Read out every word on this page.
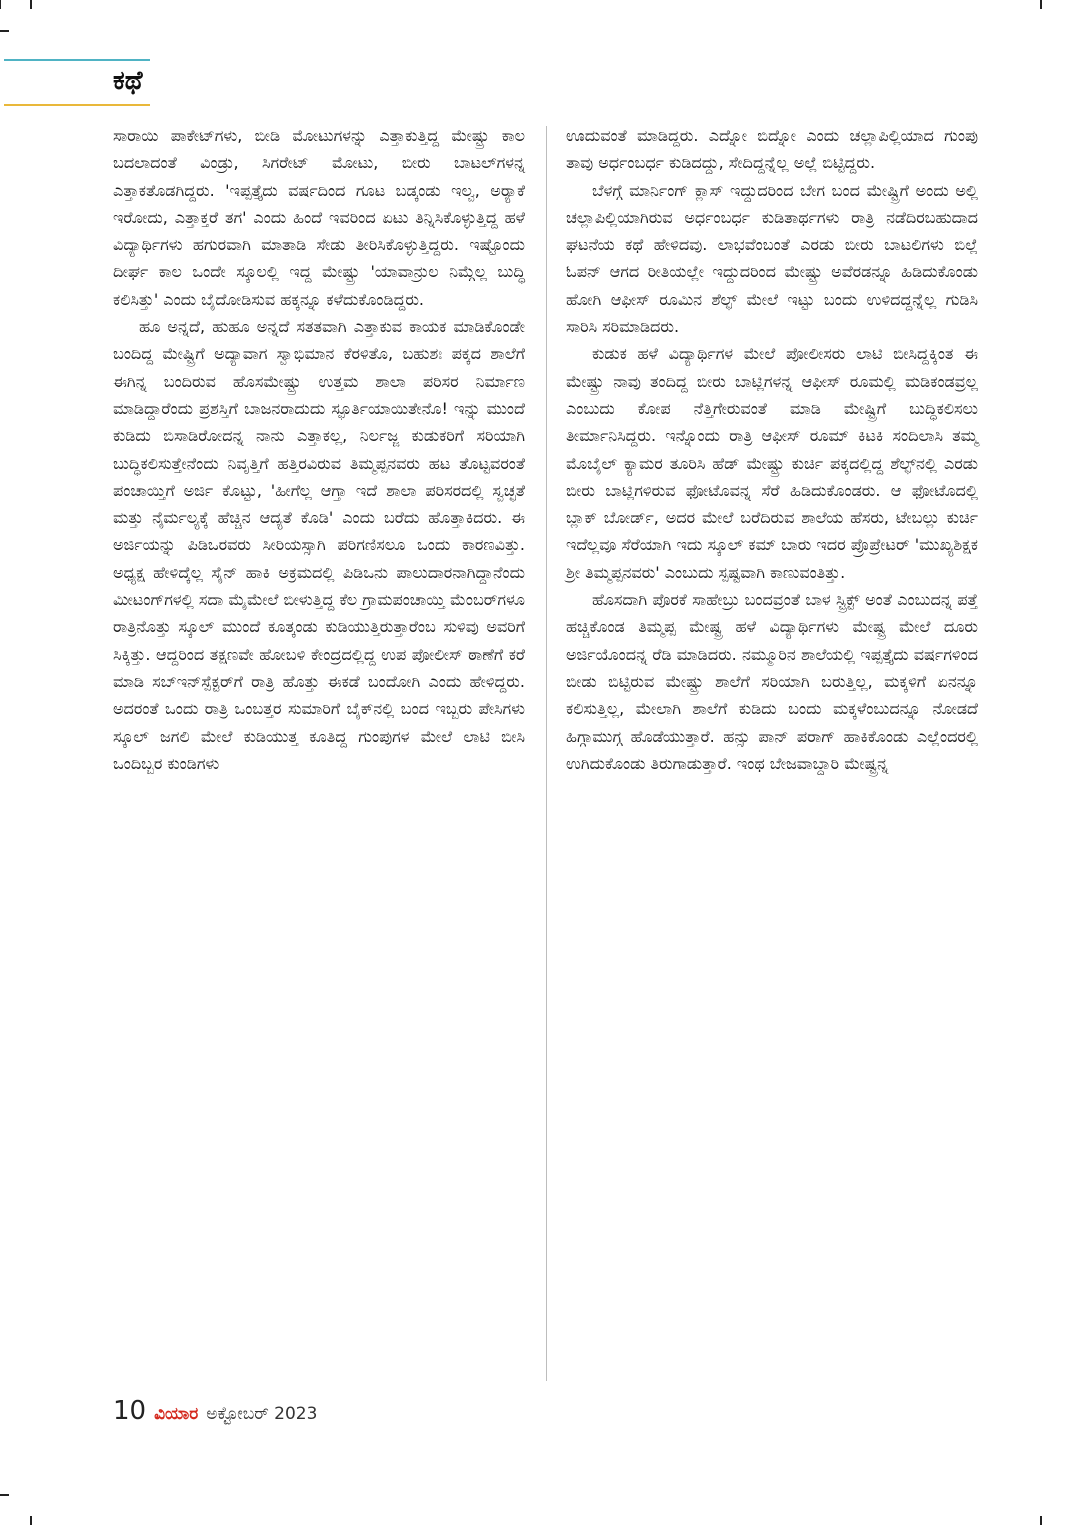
ಕಥೆ

ಸಾರಾಯಿ ಪಾಕೇಟ್‌ಗಳು, ಬೀಡಿ ಮೋಟುಗಳನ್ನು ಎತ್ತಾಕುತ್ತಿದ್ದ ಮೇಷ್ಟ್ರು ಕಾಲ ಬದಲಾದಂತೆ ವಿಂಡ್ರು, ಸಿಗರೇಟ್ ಮೋಟು, ಬೀರು ಬಾಟಲ್‌ಗಳನ್ನ ಎತ್ತಾಕತೊಡಗಿದ್ದರು. 'ಇಪ್ಪತ್ತೈದು ವರ್ಷದಿಂದ ಗೂಟ ಬಡ್ಕಂಡು ಇಲ್ವ, ಅರ‍್ಯಾಕೆ ಇರೋದು, ಎತ್ತಾಕ್ತರೆ ತಗ' ಎಂದು ಹಿಂದೆ ಇವರಿಂದ ಏಟು ತಿನ್ನಿಸಿಕೊಳ್ಳುತ್ತಿದ್ದ ಹಳೆ ವಿದ್ಯಾರ್ಥಿಗಳು ಹಗುರವಾಗಿ ಮಾತಾಡಿ ಸೇಡು ತೀರಿಸಿಕೊಳ್ಳುತ್ತಿದ್ದರು. ಇಷ್ಟೊಂದು ದೀರ್ಘ ಕಾಲ ಒಂದೇ ಸ್ಕೂಲಲ್ಲಿ ಇದ್ದ ಮೇಷ್ಟ್ರು 'ಯಾವಾನ್ರುಲ ನಿಮ್ಗೆಲ್ಲ ಬುದ್ಧಿ ಕಲಿಸಿತ್ತು' ಎಂದು ಬೈದೋಡಿಸುವ ಹಕ್ಕನ್ನೂ ಕಳೆದುಕೊಂಡಿದ್ದರು.

ಹೂ ಅನ್ನದೆ, ಹುಹೂ ಅನ್ನದೆ ಸತತವಾಗಿ ಎತ್ತಾಕುವ ಕಾಯಕ ಮಾಡಿಕೊಂಡೇ ಬಂದಿದ್ದ ಮೇಷ್ಟ್ರಿಗೆ ಅದ್ಯಾವಾಗ ಸ್ವಾಭಿಮಾನ ಕೆರಳಿತೊ, ಬಹುಶಃ ಪಕ್ಕದ ಶಾಲೆಗೆ ಈಗಿನ್ನ ಬಂದಿರುವ ಹೊಸಮೇಷ್ಟ್ರು ಉತ್ತಮ ಶಾಲಾ ಪರಿಸರ ನಿರ್ಮಾಣ ಮಾಡಿದ್ದಾರೆಂದು ಪ್ರಶಸ್ತಿಗೆ ಬಾಜನರಾದುದು ಸ್ಫೂರ್ತಿಯಾಯಿತೇನೊ! ಇನ್ನು ಮುಂದೆ ಕುಡಿದು ಬಿಸಾಡಿರೋದನ್ನ ನಾನು ಎತ್ತಾಕಲ್ಲ, ನಿರ್ಲಜ್ಜ ಕುಡುಕರಿಗೆ ಸರಿಯಾಗಿ ಬುದ್ಧಿಕಲಿಸುತ್ತೇನೆಂದು ನಿವೃತ್ತಿಗೆ ಹತ್ತಿರವಿರುವ ತಿಮ್ಮಪ್ಪನವರು ಹಟ ತೊಟ್ಟವರಂತೆ ಪಂಚಾಯ್ತಿಗೆ ಅರ್ಜಿ ಕೊಟ್ಟು, 'ಹೀಗೆಲ್ಲ ಆಗ್ತಾ ಇದೆ ಶಾಲಾ ಪರಿಸರದಲ್ಲಿ ಸ್ವಚ್ಛತೆ ಮತ್ತು ನೈರ್ಮಲ್ಯಕ್ಕೆ ಹೆಚ್ಚಿನ ಆದ್ಯತೆ ಕೊಡಿ' ಎಂದು ಬರೆದು ಹೊತ್ತಾಕಿದರು. ಈ ಅರ್ಜಿಯನ್ನು ಪಿಡಿಒರವರು ಸೀರಿಯಸ್ಸಾಗಿ ಪರಿಗಣಿಸಲೂ ಒಂದು ಕಾರಣವಿತ್ತು. ಅಧ್ಯಕ್ಷ ಹೇಳಿದ್ಕೆಲ್ಲ ಸೈನ್ ಹಾಕಿ ಅಕ್ರಮದಲ್ಲಿ ಪಿಡಿಒನು ಪಾಲುದಾರನಾಗಿದ್ದಾನೆಂದು ಮೀಟಂಗ್‌ಗಳಲ್ಲಿ ಸದಾ ಮೈಮೇಲೆ ಬೀಳುತ್ತಿದ್ದ ಕೆಲ ಗ್ರಾಮಪಂಚಾಯ್ತಿ ಮೆಂಬರ್‌ಗಳೂ ರಾತ್ರಿನೊತ್ತು ಸ್ಕೂಲ್ ಮುಂದೆ ಕೂತ್ಕಂಡು ಕುಡಿಯುತ್ತಿರುತ್ತಾರೆಂಬ ಸುಳಿವು ಅವರಿಗೆ ಸಿಕ್ಕಿತ್ತು. ಆದ್ದರಿಂದ ತಕ್ಷಣವೇ ಹೋಬಳಿ ಕೇಂದ್ರದಲ್ಲಿದ್ದ ಉಪ ಪೋಲೀಸ್ ಠಾಣೆಗೆ ಕರೆ ಮಾಡಿ ಸಬ್‌ಇನ್‌ಸ್ಪೆಕ್ಟರ್‌ಗೆ ರಾತ್ರಿ ಹೊತ್ತು ಈಕಡೆ ಬಂದೋಗಿ ಎಂದು ಹೇಳಿದ್ದರು. ಅದರಂತೆ ಒಂದು ರಾತ್ರಿ ಒಂಬತ್ತರ ಸುಮಾರಿಗೆ ಬೈಕ್‌ನಲ್ಲಿ ಬಂದ ಇಬ್ಬರು ಪೇಸಿಗಳು ಸ್ಕೂಲ್ ಜಗಲಿ ಮೇಲೆ ಕುಡಿಯುತ್ತ ಕೂತಿದ್ದ ಗುಂಪುಗಳ ಮೇಲೆ ಲಾಟಿ ಬೀಸಿ ಒಂದಿಬ್ಬರ ಕುಂಡಿಗಳು

ಊದುವಂತೆ ಮಾಡಿದ್ದರು. ಎದ್ನೋ ಬಿದ್ನೋ ಎಂದು ಚಲ್ಲಾಪಿಲ್ಲಿಯಾದ ಗುಂಪು ತಾವು ಅರ್ಧಂಬರ್ಧ ಕುಡಿದದ್ದು, ಸೇದಿದ್ದನ್ನೆಲ್ಲ ಅಲ್ಲೆ ಬಿಟ್ಟಿದ್ದರು.

ಬೆಳಗ್ಗೆ ಮಾರ್ನಿಂಗ್ ಕ್ಲಾಸ್ ಇದ್ದುದರಿಂದ ಬೇಗ ಬಂದ ಮೇಷ್ಟ್ರಿಗೆ ಅಂದು ಅಲ್ಲಿ ಚಲ್ಲಾಪಿಲ್ಲಿಯಾಗಿರುವ ಅರ್ಧಂಬರ್ಧ ಕುಡಿತಾರ್ಥಗಳು ರಾತ್ರಿ ನಡೆದಿರಬಹುದಾದ ಘಟನೆಯ ಕಥೆ ಹೇಳಿದವು. ಲಾಭವೆಂಬಂತೆ ಎರಡು ಬೀರು ಬಾಟಲಿಗಳು ಬಿಲ್ಲೆ ಓಪನ್ ಆಗದ ರೀತಿಯಲ್ಲೇ ಇದ್ದುದರಿಂದ ಮೇಷ್ಟ್ರು ಅವೆರಡನ್ನೂ ಹಿಡಿದುಕೊಂಡು ಹೋಗಿ ಆಫೀಸ್ ರೂಮಿನ ಶೆಲ್ಫ್ ಮೇಲೆ ಇಟ್ಟು ಬಂದು ಉಳಿದದ್ದನ್ನೆಲ್ಲ ಗುಡಿಸಿ ಸಾರಿಸಿ ಸರಿಮಾಡಿದರು.

ಕುಡುಕ ಹಳೆ ವಿದ್ಯಾರ್ಥಿಗಳ ಮೇಲೆ ಪೋಲೀಸರು ಲಾಟಿ ಬೀಸಿದ್ದಕ್ಕಿಂತ ಈ ಮೇಷ್ಟ್ರು ನಾವು ತಂದಿದ್ದ ಬೀರು ಬಾಟ್ಲಿಗಳನ್ನ ಆಫೀಸ್ ರೂಮಲ್ಲಿ ಮಡಿಕಂಡವ್ರಲ್ಲ ಎಂಬುದು ಕೋಪ ನೆತ್ತಿಗೇರುವಂತೆ ಮಾಡಿ ಮೇಷ್ಟ್ರಿಗೆ ಬುದ್ಧಿಕಲಿಸಲು ತೀರ್ಮಾನಿಸಿದ್ದರು. ಇನ್ನೊಂದು ರಾತ್ರಿ ಆಫೀಸ್ ರೂಮ್ ಕಿಟಕಿ ಸಂದಿಲಾಸಿ ತಮ್ಮ ಮೊಬೈಲ್ ಕ್ಯಾಮರ ತೂರಿಸಿ ಹೆಡ್ ಮೇಷ್ಟ್ರು ಕುರ್ಚಿ ಪಕ್ಕದಲ್ಲಿದ್ದ ಶೆಲ್ಫ್‌ನಲ್ಲಿ ಎರಡು ಬೀರು ಬಾಟ್ಲಿಗಳಿರುವ ಫೋಟೊವನ್ನ ಸೆರೆ ಹಿಡಿದುಕೊಂಡರು. ಆ ಫೋಟೊದಲ್ಲಿ ಬ್ಲಾಕ್ ಬೋರ್ಡ್, ಅದರ ಮೇಲೆ ಬರೆದಿರುವ ಶಾಲೆಯ ಹೆಸರು, ಟೇಬಲ್ಲು ಕುರ್ಚಿ ಇದೆಲ್ಲವೂ ಸೆರೆಯಾಗಿ ಇದು ಸ್ಕೂಲ್ ಕಮ್ ಬಾರು ಇದರ ಪ್ರೊಪ್ರೇಟರ್ 'ಮುಖ್ಯಶಿಕ್ಷಕ ಶ್ರೀ ತಿಮ್ಮಪ್ಪನವರು' ಎಂಬುದು ಸ್ಪಷ್ಟವಾಗಿ ಕಾಣುವಂತಿತ್ತು.

ಹೊಸದಾಗಿ ಪೊರಕೆ ಸಾಹೇಬ್ರು ಬಂದವ್ರಂತೆ ಬಾಳ ಸ್ಟ್ರಿಕ್ಟ್ ಅಂತೆ ಎಂಬುದನ್ನ ಪತ್ತೆ ಹಚ್ಚಿಕೊಂಡ ತಿಮ್ಮಪ್ಪ ಮೇಷ್ಟ್ರ ಹಳೆ ವಿದ್ಯಾರ್ಥಿಗಳು ಮೇಷ್ಟ್ರ ಮೇಲೆ ದೂರು ಅರ್ಜಿಯೊಂದನ್ನ ರೆಡಿ ಮಾಡಿದರು. ನಮ್ಮೂರಿನ ಶಾಲೆಯಲ್ಲಿ ಇಪ್ಪತ್ತೈದು ವರ್ಷಗಳಿಂದ ಬೀಡು ಬಿಟ್ಟಿರುವ ಮೇಷ್ಟ್ರು ಶಾಲೆಗೆ ಸರಿಯಾಗಿ ಬರುತ್ತಿಲ್ಲ, ಮಕ್ಕಳಿಗೆ ಏನನ್ನೂ ಕಲಿಸುತ್ತಿಲ್ಲ, ಮೇಲಾಗಿ ಶಾಲೆಗೆ ಕುಡಿದು ಬಂದು ಮಕ್ಕಳೆಂಬುದನ್ನೂ ನೋಡದೆ ಹಿಗ್ಗಾಮುಗ್ಗ ಹೊಡೆಯುತ್ತಾರೆ. ಹನ್ಸು ಪಾನ್ ಪರಾಗ್ ಹಾಕಿಕೊಂಡು ಎಲ್ಲೆಂದರಲ್ಲಿ ಉಗಿದುಕೊಂಡು ತಿರುಗಾಡುತ್ತಾರೆ. ಇಂಥ ಬೇಜವಾಬ್ದಾರಿ ಮೇಷ್ಟ್ರನ್ನ

10 ವಿಯಾರ ಅಕ್ಟೋಬರ್ 2023
